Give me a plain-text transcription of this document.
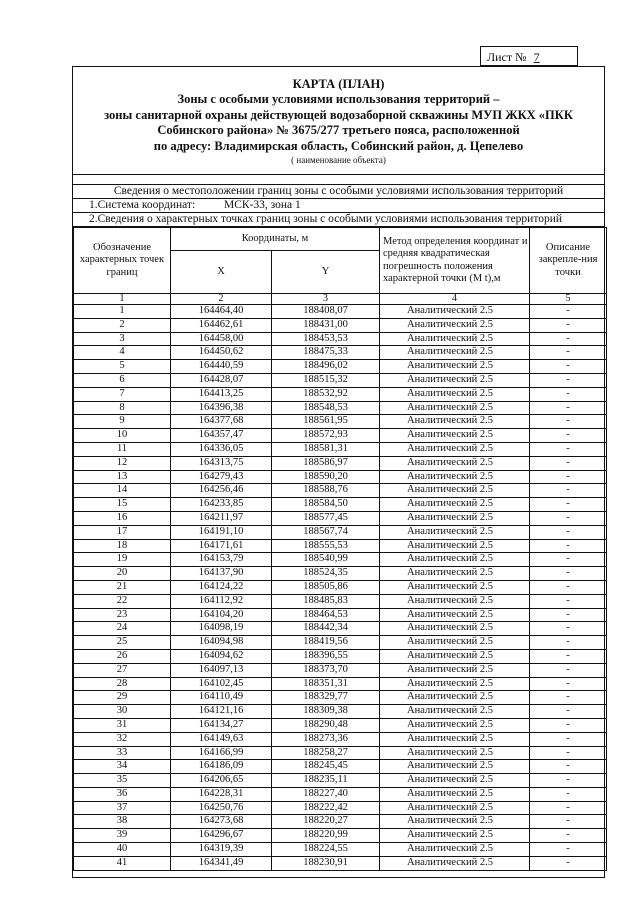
Лист № 7
КАРТА (ПЛАН)
Зоны с особыми условиями использования территорий –
зоны санитарной охраны действующей водозаборной скважины МУП ЖКХ «ПКК
Собинского района» № 3675/277 третьего пояса, расположенной
по адресу: Владимирская область, Собинский район, д. Цепелево
( наименование объекта)
Сведения о местоположении границ зоны с особыми условиями использования территорий
1.Система координат:	МСК-33, зона 1
2.Сведения о характерных точках границ зоны с особыми условиями использования территорий
Обозначение характерных точек границ	Координаты, м		Метод определения координат и средняя квадратическая погрешность положения характерной точки (М t),м	Описание закрепле-ния точки
	X	Y		
1	2	3	4	5
1	164464,40	188408,07	Аналитический 2.5	-
2	164462,61	188431,00	Аналитический 2.5	-
3	164458,00	188453,53	Аналитический 2.5	-
4	164450,62	188475,33	Аналитический 2.5	-
5	164440,59	188496,02	Аналитический 2.5	-
6	164428,07	188515,32	Аналитический 2.5	-
7	164413,25	188532,92	Аналитический 2.5	-
8	164396,38	188548,53	Аналитический 2.5	-
9	164377,68	188561,95	Аналитический 2.5	-
10	164357,47	188572,93	Аналитический 2.5	-
11	164336,05	188581,31	Аналитический 2.5	-
12	164313,75	188586,97	Аналитический 2.5	-
13	164279,43	188590,20	Аналитический 2.5	-
14	164256,46	188588,76	Аналитический 2.5	-
15	164233,85	188584,50	Аналитический 2.5	-
16	164211,97	188577,45	Аналитический 2.5	-
17	164191,10	188567,74	Аналитический 2.5	-
18	164171,61	188555,53	Аналитический 2.5	-
19	164153,79	188540,99	Аналитический 2.5	-
20	164137,90	188524,35	Аналитический 2.5	-
21	164124,22	188505,86	Аналитический 2.5	-
22	164112,92	188485,83	Аналитический 2.5	-
23	164104,20	188464,53	Аналитический 2.5	-
24	164098,19	188442,34	Аналитический 2.5	-
25	164094,98	188419,56	Аналитический 2.5	-
26	164094,62	188396,55	Аналитический 2.5	-
27	164097,13	188373,70	Аналитический 2.5	-
28	164102,45	188351,31	Аналитический 2.5	-
29	164110,49	188329,77	Аналитический 2.5	-
30	164121,16	188309,38	Аналитический 2.5	-
31	164134,27	188290,48	Аналитический 2.5	-
32	164149,63	188273,36	Аналитический 2.5	-
33	164166,99	188258,27	Аналитический 2.5	-
34	164186,09	188245,45	Аналитический 2.5	-
35	164206,65	188235,11	Аналитический 2.5	-
36	164228,31	188227,40	Аналитический 2.5	-
37	164250,76	188222,42	Аналитический 2.5	-
38	164273,68	188220,27	Аналитический 2.5	-
39	164296,67	188220,99	Аналитический 2.5	-
40	164319,39	188224,55	Аналитический 2.5	-
41	164341,49	188230,91	Аналитический 2.5	-
